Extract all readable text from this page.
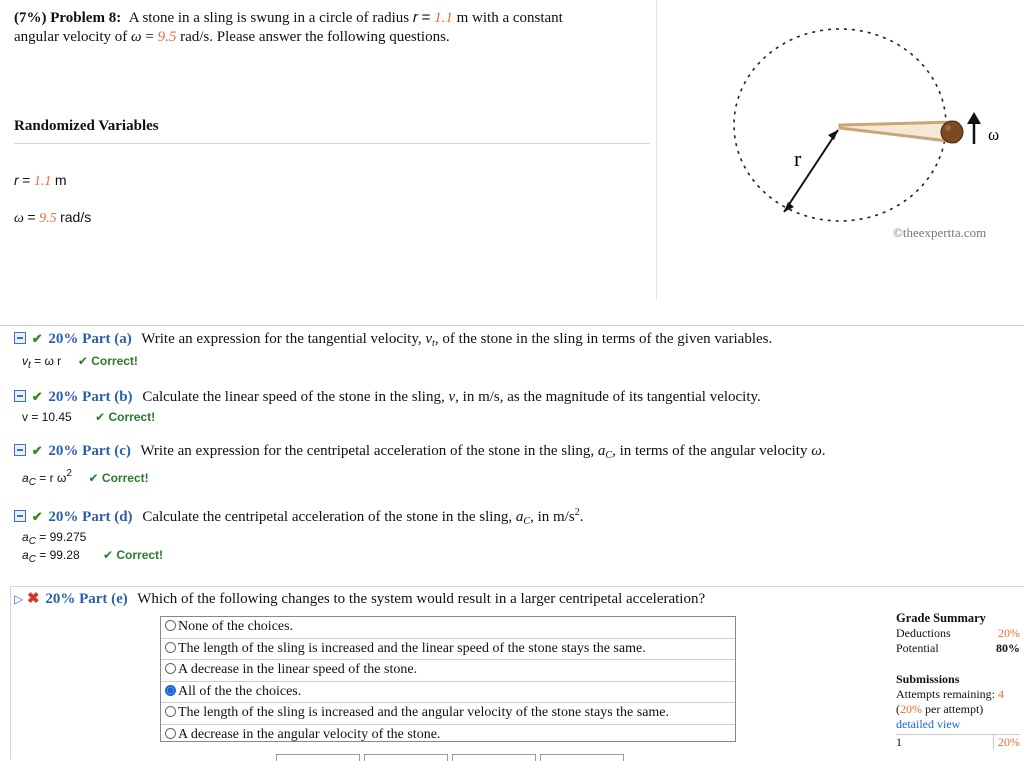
(7%) Problem 8: A stone in a sling is swung in a circle of radius r = 1.1 m with a constant
angular velocity of ω = 9.5 rad/s. Please answer the following questions.
Randomized Variables
r = 1.1 m
ω = 9.5 rad/s
r
ω
©theexpertta.com
✔ 20% Part (a) Write an expression for the tangential velocity, $v_t$, of the stone in the sling in terms of the given variables.
$v_t = \omega$ r ✔ Correct!
✔ 20% Part (b) Calculate the linear speed of the stone in the sling, v, in m/s, as the magnitude of its tangential velocity.
v = 10.45 ✔ Correct!
✔ 20% Part (c) Write an expression for the centripetal acceleration of the stone in the sling, $a_C$, in terms of the angular velocity ω.
$a_C = r$ $\omega^2$ ✔ Correct!
✔ 20% Part (d) Calculate the centripetal acceleration of the stone in the sling, $a_C$, in $m/s^2$.
$a_C = 99.275$
$a_C = 99.28$ ✔ Correct!
▷ ✖ 20% Part (e) Which of the following changes to the system would result in a larger centripetal acceleration?
None of the choices.
The length of the sling is increased and the linear speed of the stone stays the same.
A decrease in the linear speed of the stone.
All of the the choices.
The length of the sling is increased and the angular velocity of the stone stays the same.
A decrease in the angular velocity of the stone.
Grade Summary
Deductions	20%
Potential	80%
Submissions
Attempts remaining: 4
(20% per attempt)
detailed view
1	20%
